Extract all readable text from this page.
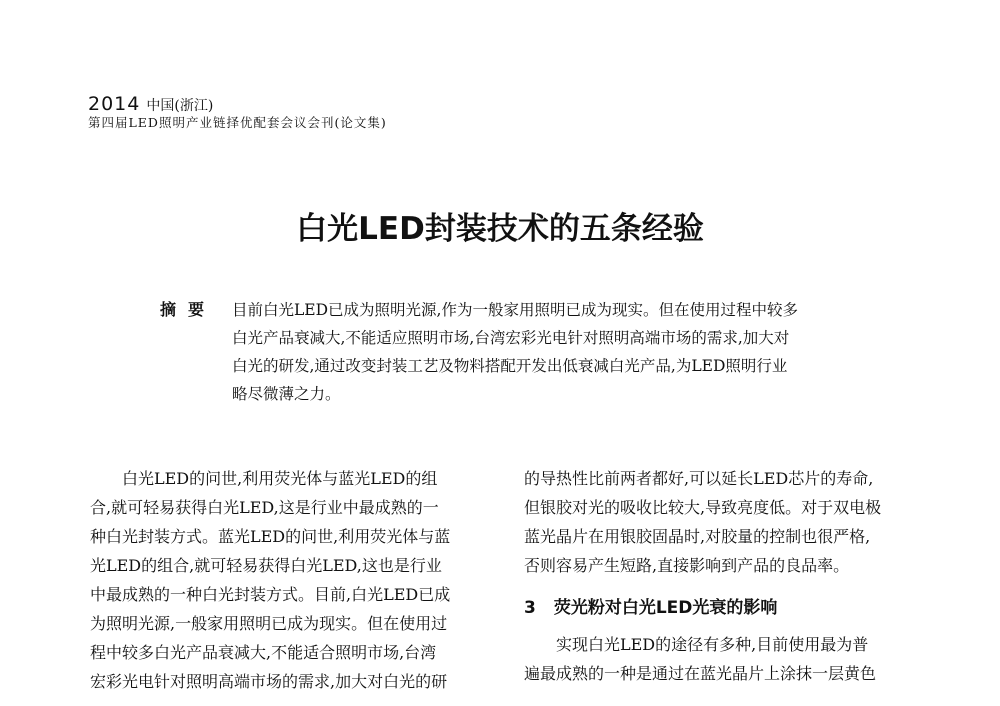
2014 中国(浙江)
第四届LED照明产业链择优配套会议会刊(论文集)
白光LED封装技术的五条经验
摘要 目前白光LED已成为照明光源,作为一般家用照明已成为现实。但在使用过程中较多
白光产品衰减大,不能适应照明市场,台湾宏彩光电针对照明高端市场的需求,加大对
白光的研发,通过改变封装工艺及物料搭配开发出低衰减白光产品,为LED照明行业
略尽微薄之力。
白光LED的问世,利用荧光体与蓝光LED的组
合,就可轻易获得白光LED,这是行业中最成熟的一
种白光封装方式。蓝光LED的问世,利用荧光体与蓝
光LED的组合,就可轻易获得白光LED,这也是行业
中最成熟的一种白光封装方式。目前,白光LED已成
为照明光源,一般家用照明已成为现实。但在使用过
程中较多白光产品衰减大,不能适合照明市场,台湾
宏彩光电针对照明高端市场的需求,加大对白光的研
的导热性比前两者都好,可以延长LED芯片的寿命,
但银胶对光的吸收比较大,导致亮度低。对于双电极
蓝光晶片在用银胶固晶时,对胶量的控制也很严格,
否则容易产生短路,直接影响到产品的良品率。
3 荧光粉对白光LED光衰的影响
实现白光LED的途径有多种,目前使用最为普
遍最成熟的一种是通过在蓝光晶片上涂抹一层黄色
